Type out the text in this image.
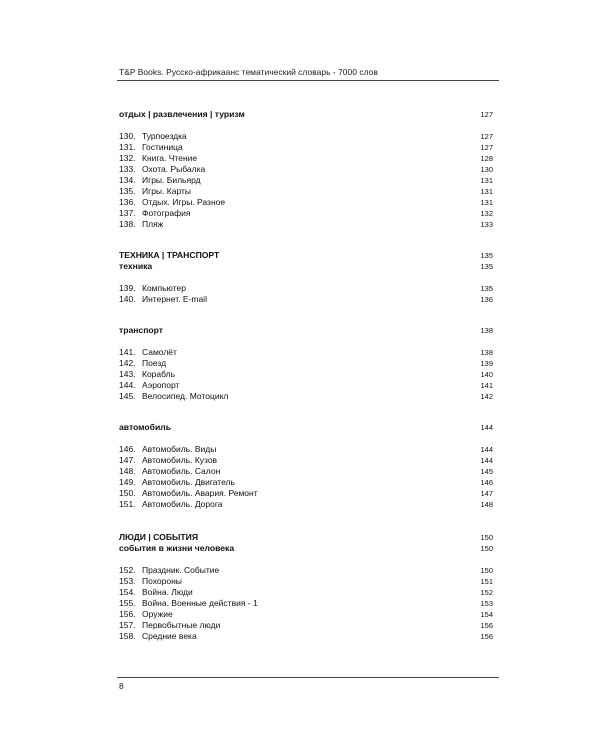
T&P Books. Русско-африкаанс тематический словарь - 7000 слов
отдых | развлечения | туризм	127
130. Турпоездка	127
131. Гостиница	127
132. Книга. Чтение	128
133. Охота. Рыбалка	130
134. Игры. Бильярд	131
135. Игры. Карты	131
136. Отдых. Игры. Разное	131
137. Фотография	132
138. Пляж	133
ТЕХНИКА | ТРАНСПОРТ	135
техника	135
139. Компьютер	135
140. Интернет. E-mail	136
транспорт	138
141. Самолёт	138
142. Поезд	139
143. Корабль	140
144. Аэропорт	141
145. Велосипед. Мотоцикл	142
автомобиль	144
146. Автомобиль. Виды	144
147. Автомобиль. Кузов	144
148. Автомобиль. Салон	145
149. Автомобиль. Двигатель	146
150. Автомобиль. Авария. Ремонт	147
151. Автомобиль. Дорога	148
ЛЮДИ | СОБЫТИЯ	150
события в жизни человека	150
152. Праздник. Событие	150
153. Похороны	151
154. Война. Люди	152
155. Война. Военные действия - 1	153
156. Оружие	154
157. Первобытные люди	156
158. Средние века	156
8
